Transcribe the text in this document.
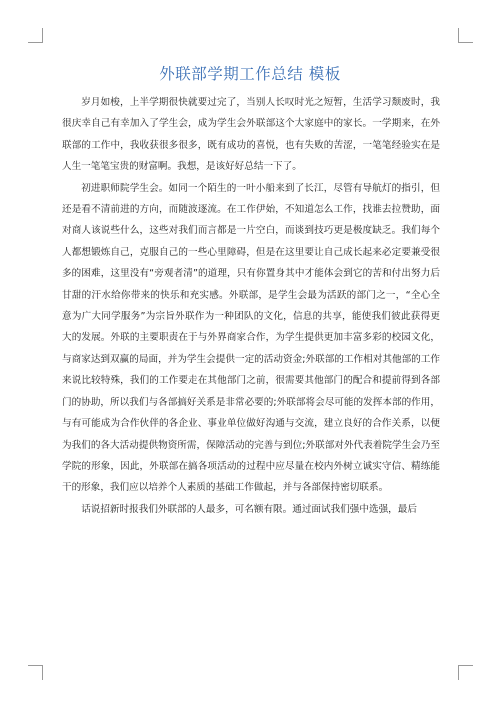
外联部学期工作总结 模板

岁月如梭，上半学期很快就要过完了，当别人长叹时光之短暂，生活学习颓废时，我很庆幸自己有幸加入了学生会，成为学生会外联部这个大家庭中的家长。一学期来，在外联部的工作中，我收获很多很多，既有成功的喜悦，也有失败的苦涩，一笔笔经验实在是人生一笔笔宝贵的财富啊。我想，是该好好总结一下了。

初进职师院学生会。如同一个陌生的一叶小船来到了长江，尽管有导航灯的指引，但还是看不清前进的方向，而随波逐流。在工作伊始，不知道怎么工作，找谁去拉赞助，面对商人该说些什么，这些对我们而言都是一片空白，而谈到技巧更是极度缺乏。我们每个人都想锻炼自己，克服自己的一些心里障碍，但是在这里要让自己成长起来必定要兼受很多的困难，这里没有“旁观者清”的道理，只有你置身其中才能体会到它的苦和付出努力后甘甜的汗水给你带来的快乐和充实感。外联部，是学生会最为活跃的部门之一，“全心全意为广大同学服务”为宗旨外联作为一种团队的文化，信息的共享，能使我们彼此获得更大的发展。外联的主要职责在于与外界商家合作，为学生提供更加丰富多彩的校园文化，与商家达到双赢的局面，并为学生会提供一定的活动资金;外联部的工作相对其他部的工作来说比较特殊，我们的工作要走在其他部门之前，很需要其他部门的配合和提前得到各部门的协助，所以我们与各部搞好关系是非常必要的;外联部将会尽可能的发挥本部的作用，与有可能成为合作伙伴的各企业、事业单位做好沟通与交流，建立良好的合作关系，以便为我们的各大活动提供物资所需，保障活动的完善与到位;外联部对外代表着院学生会乃至学院的形象，因此，外联部在搞各项活动的过程中应尽量在校内外树立诚实守信、精练能干的形象，我们应以培养个人素质的基础工作做起，并与各部保持密切联系。

话说招新时报我们外联部的人最多，可名额有限。通过面试我们强中选强，最后
